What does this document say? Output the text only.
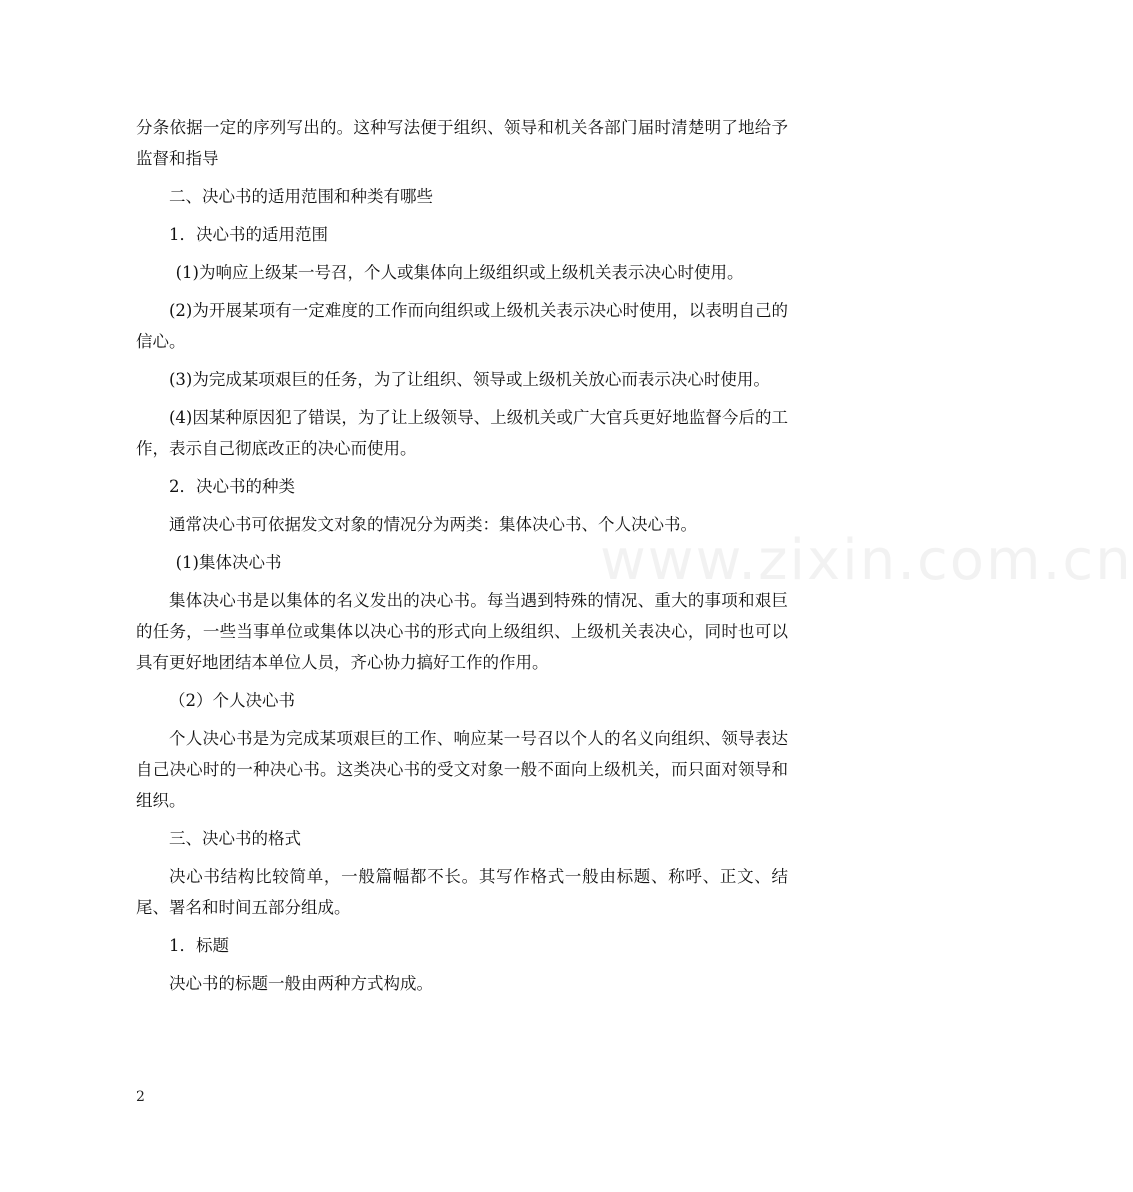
www.zixin.com.cn

分条依据一定的序列写出的。这种写法便于组织、领导和机关各部门届时清楚明了地给予监督和指导

二、决心书的适用范围和种类有哪些

1．决心书的适用范围

(1)为响应上级某一号召，个人或集体向上级组织或上级机关表示决心时使用。

(2)为开展某项有一定难度的工作而向组织或上级机关表示决心时使用，以表明自己的信心。

(3)为完成某项艰巨的任务，为了让组织、领导或上级机关放心而表示决心时使用。

(4)因某种原因犯了错误，为了让上级领导、上级机关或广大官兵更好地监督今后的工作，表示自己彻底改正的决心而使用。

2．决心书的种类

通常决心书可依据发文对象的情况分为两类：集体决心书、个人决心书。

(1)集体决心书

集体决心书是以集体的名义发出的决心书。每当遇到特殊的情况、重大的事项和艰巨的任务，一些当事单位或集体以决心书的形式向上级组织、上级机关表决心，同时也可以具有更好地团结本单位人员，齐心协力搞好工作的作用。

（2）个人决心书

个人决心书是为完成某项艰巨的工作、响应某一号召以个人的名义向组织、领导表达自己决心时的一种决心书。这类决心书的受文对象一般不面向上级机关，而只面对领导和组织。

三、决心书的格式

决心书结构比较简单，一般篇幅都不长。其写作格式一般由标题、称呼、正文、结尾、署名和时间五部分组成。

1．标题

决心书的标题一般由两种方式构成。

2
